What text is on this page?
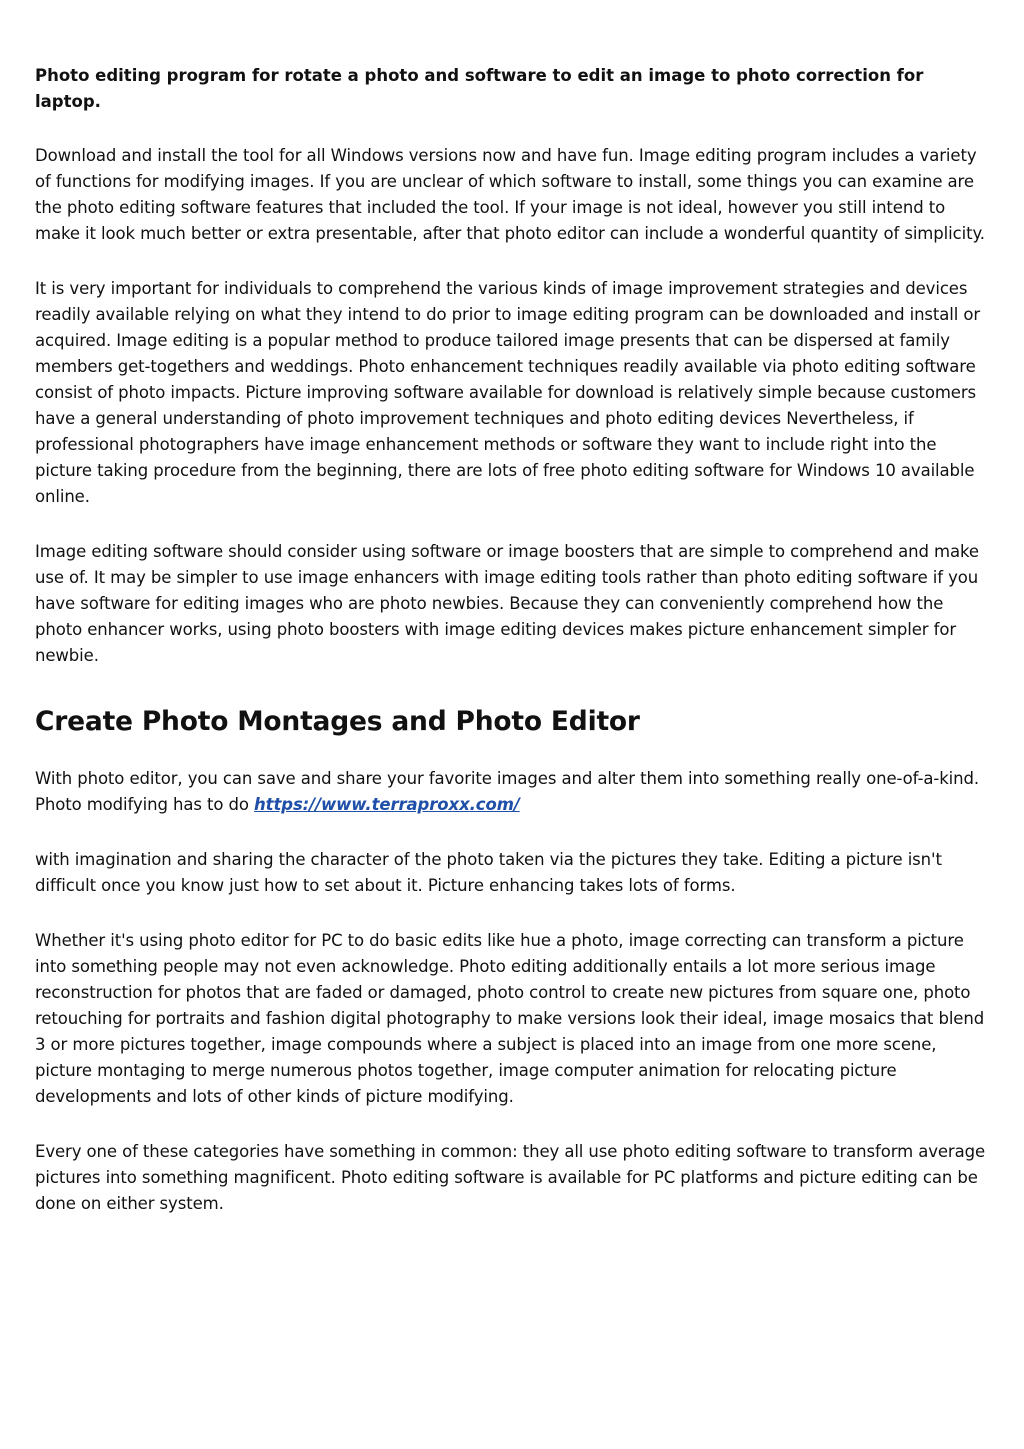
Photo editing program for rotate a photo and software to edit an image to photo correction for laptop.

Download and install the tool for all Windows versions now and have fun. Image editing program includes a variety of functions for modifying images. If you are unclear of which software to install, some things you can examine are the photo editing software features that included the tool. If your image is not ideal, however you still intend to make it look much better or extra presentable, after that photo editor can include a wonderful quantity of simplicity.

It is very important for individuals to comprehend the various kinds of image improvement strategies and devices readily available relying on what they intend to do prior to image editing program can be downloaded and install or acquired. Image editing is a popular method to produce tailored image presents that can be dispersed at family members get-togethers and weddings. Photo enhancement techniques readily available via photo editing software consist of photo impacts. Picture improving software available for download is relatively simple because customers have a general understanding of photo improvement techniques and photo editing devices Nevertheless, if professional photographers have image enhancement methods or software they want to include right into the picture taking procedure from the beginning, there are lots of free photo editing software for Windows 10 available online.

Image editing software should consider using software or image boosters that are simple to comprehend and make use of. It may be simpler to use image enhancers with image editing tools rather than photo editing software if you have software for editing images who are photo newbies. Because they can conveniently comprehend how the photo enhancer works, using photo boosters with image editing devices makes picture enhancement simpler for newbie.

Create Photo Montages and Photo Editor

With photo editor, you can save and share your favorite images and alter them into something really one-of-a-kind. Photo modifying has to do https://www.terraproxx.com/

with imagination and sharing the character of the photo taken via the pictures they take. Editing a picture isn't difficult once you know just how to set about it. Picture enhancing takes lots of forms.

Whether it's using photo editor for PC to do basic edits like hue a photo, image correcting can transform a picture into something people may not even acknowledge. Photo editing additionally entails a lot more serious image reconstruction for photos that are faded or damaged, photo control to create new pictures from square one, photo retouching for portraits and fashion digital photography to make versions look their ideal, image mosaics that blend 3 or more pictures together, image compounds where a subject is placed into an image from one more scene, picture montaging to merge numerous photos together, image computer animation for relocating picture developments and lots of other kinds of picture modifying.

Every one of these categories have something in common: they all use photo editing software to transform average pictures into something magnificent. Photo editing software is available for PC platforms and picture editing can be done on either system.
